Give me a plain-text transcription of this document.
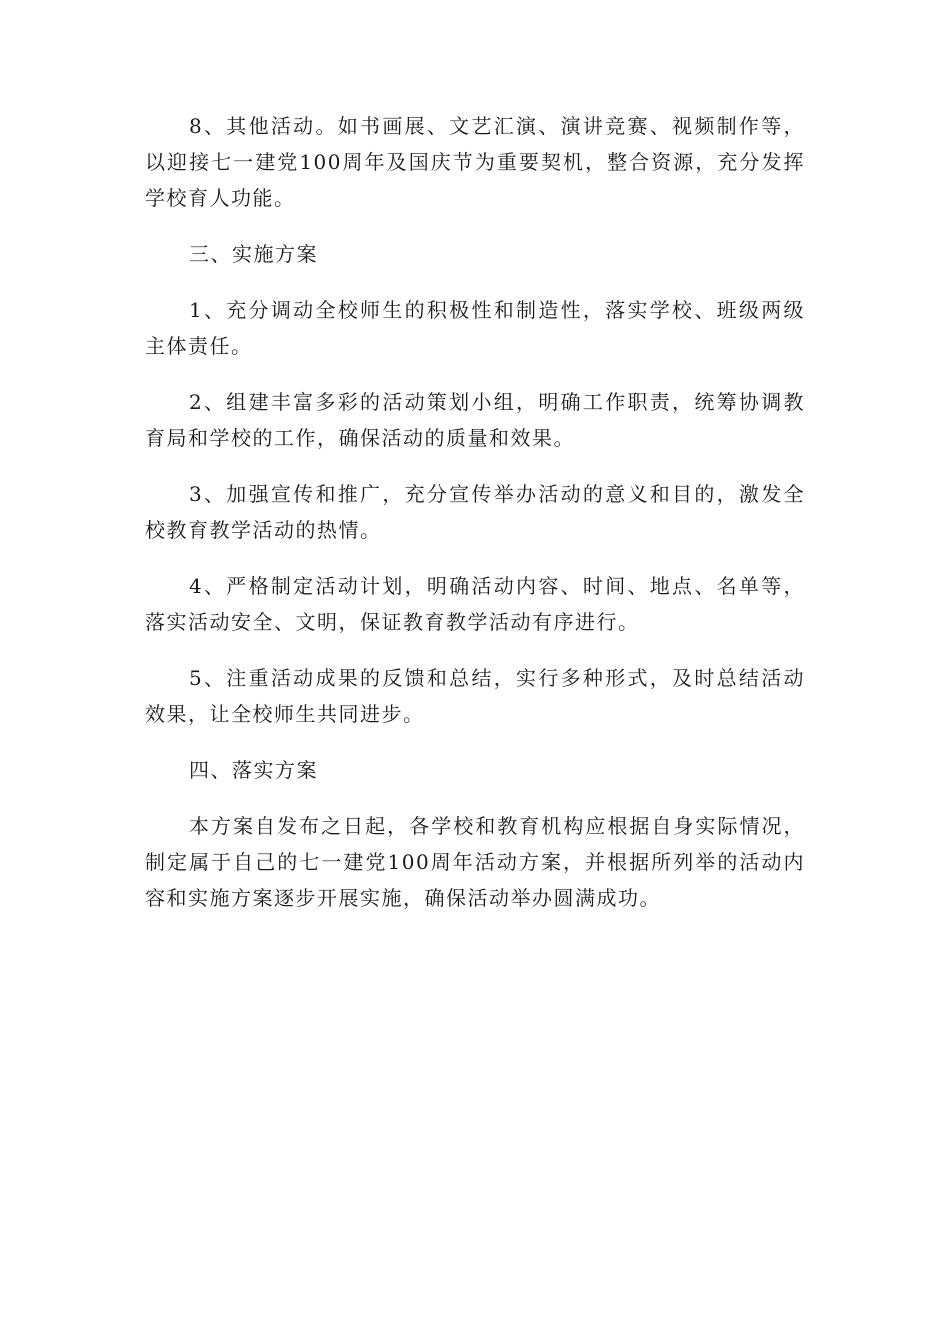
8、其他活动。如书画展、文艺汇演、演讲竞赛、视频制作等，以迎接七一建党100周年及国庆节为重要契机，整合资源，充分发挥学校育人功能。

三、实施方案

1、充分调动全校师生的积极性和制造性，落实学校、班级两级主体责任。

2、组建丰富多彩的活动策划小组，明确工作职责，统筹协调教育局和学校的工作，确保活动的质量和效果。

3、加强宣传和推广，充分宣传举办活动的意义和目的，激发全校教育教学活动的热情。

4、严格制定活动计划，明确活动内容、时间、地点、名单等，落实活动安全、文明，保证教育教学活动有序进行。

5、注重活动成果的反馈和总结，实行多种形式，及时总结活动效果，让全校师生共同进步。

四、落实方案

本方案自发布之日起，各学校和教育机构应根据自身实际情况，制定属于自己的七一建党100周年活动方案，并根据所列举的活动内容和实施方案逐步开展实施，确保活动举办圆满成功。
